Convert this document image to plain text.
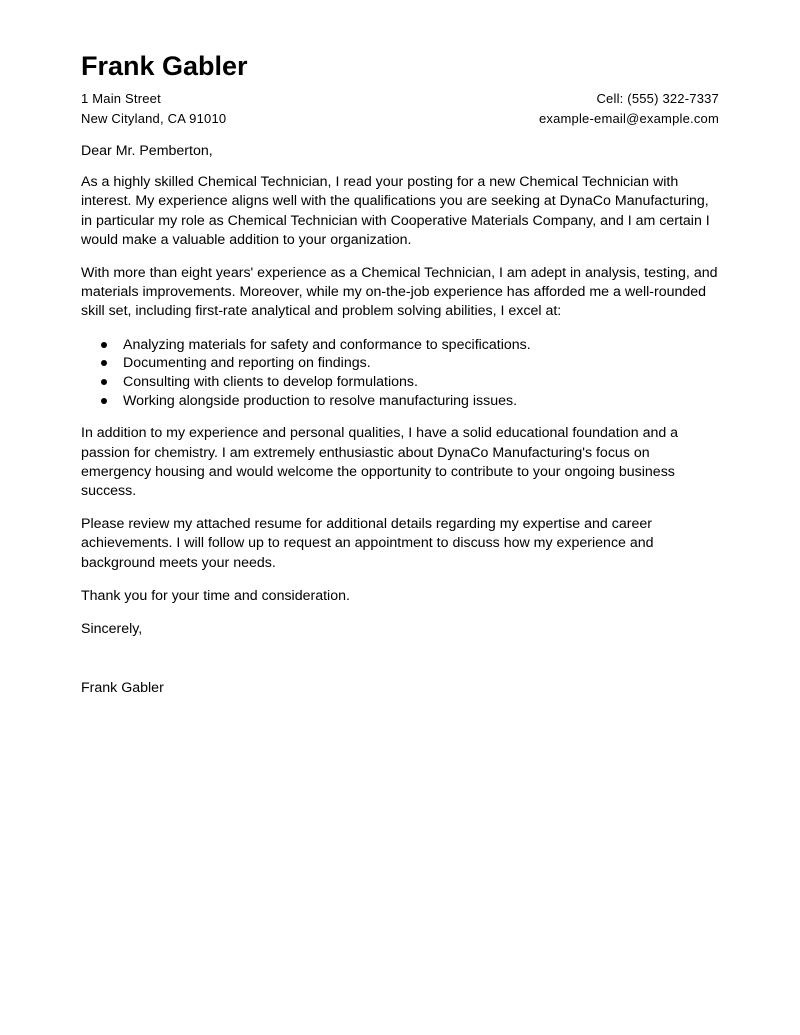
Frank Gabler
1 Main Street	Cell: (555) 322-7337
New Cityland, CA 91010	example-email@example.com

Dear Mr. Pemberton,

As a highly skilled Chemical Technician, I read your posting for a new Chemical Technician with

interest. My experience aligns well with the qualifications you are seeking at DynaCo Manufacturing,

in particular my role as Chemical Technician with Cooperative Materials Company, and I am certain I

would make a valuable addition to your organization.

With more than eight years' experience as a Chemical Technician, I am adept in analysis, testing, and

materials improvements. Moreover, while my on-the-job experience has afforded me a well-rounded

skill set, including first-rate analytical and problem solving abilities, I excel at:

Analyzing materials for safety and conformance to specifications.
Documenting and reporting on findings.
Consulting with clients to develop formulations.
Working alongside production to resolve manufacturing issues.

In addition to my experience and personal qualities, I have a solid educational foundation and a

passion for chemistry. I am extremely enthusiastic about DynaCo Manufacturing's focus on

emergency housing and would welcome the opportunity to contribute to your ongoing business

success.

Please review my attached resume for additional details regarding my expertise and career

achievements. I will follow up to request an appointment to discuss how my experience and

background meets your needs.

Thank you for your time and consideration.

Sincerely,

Frank Gabler
